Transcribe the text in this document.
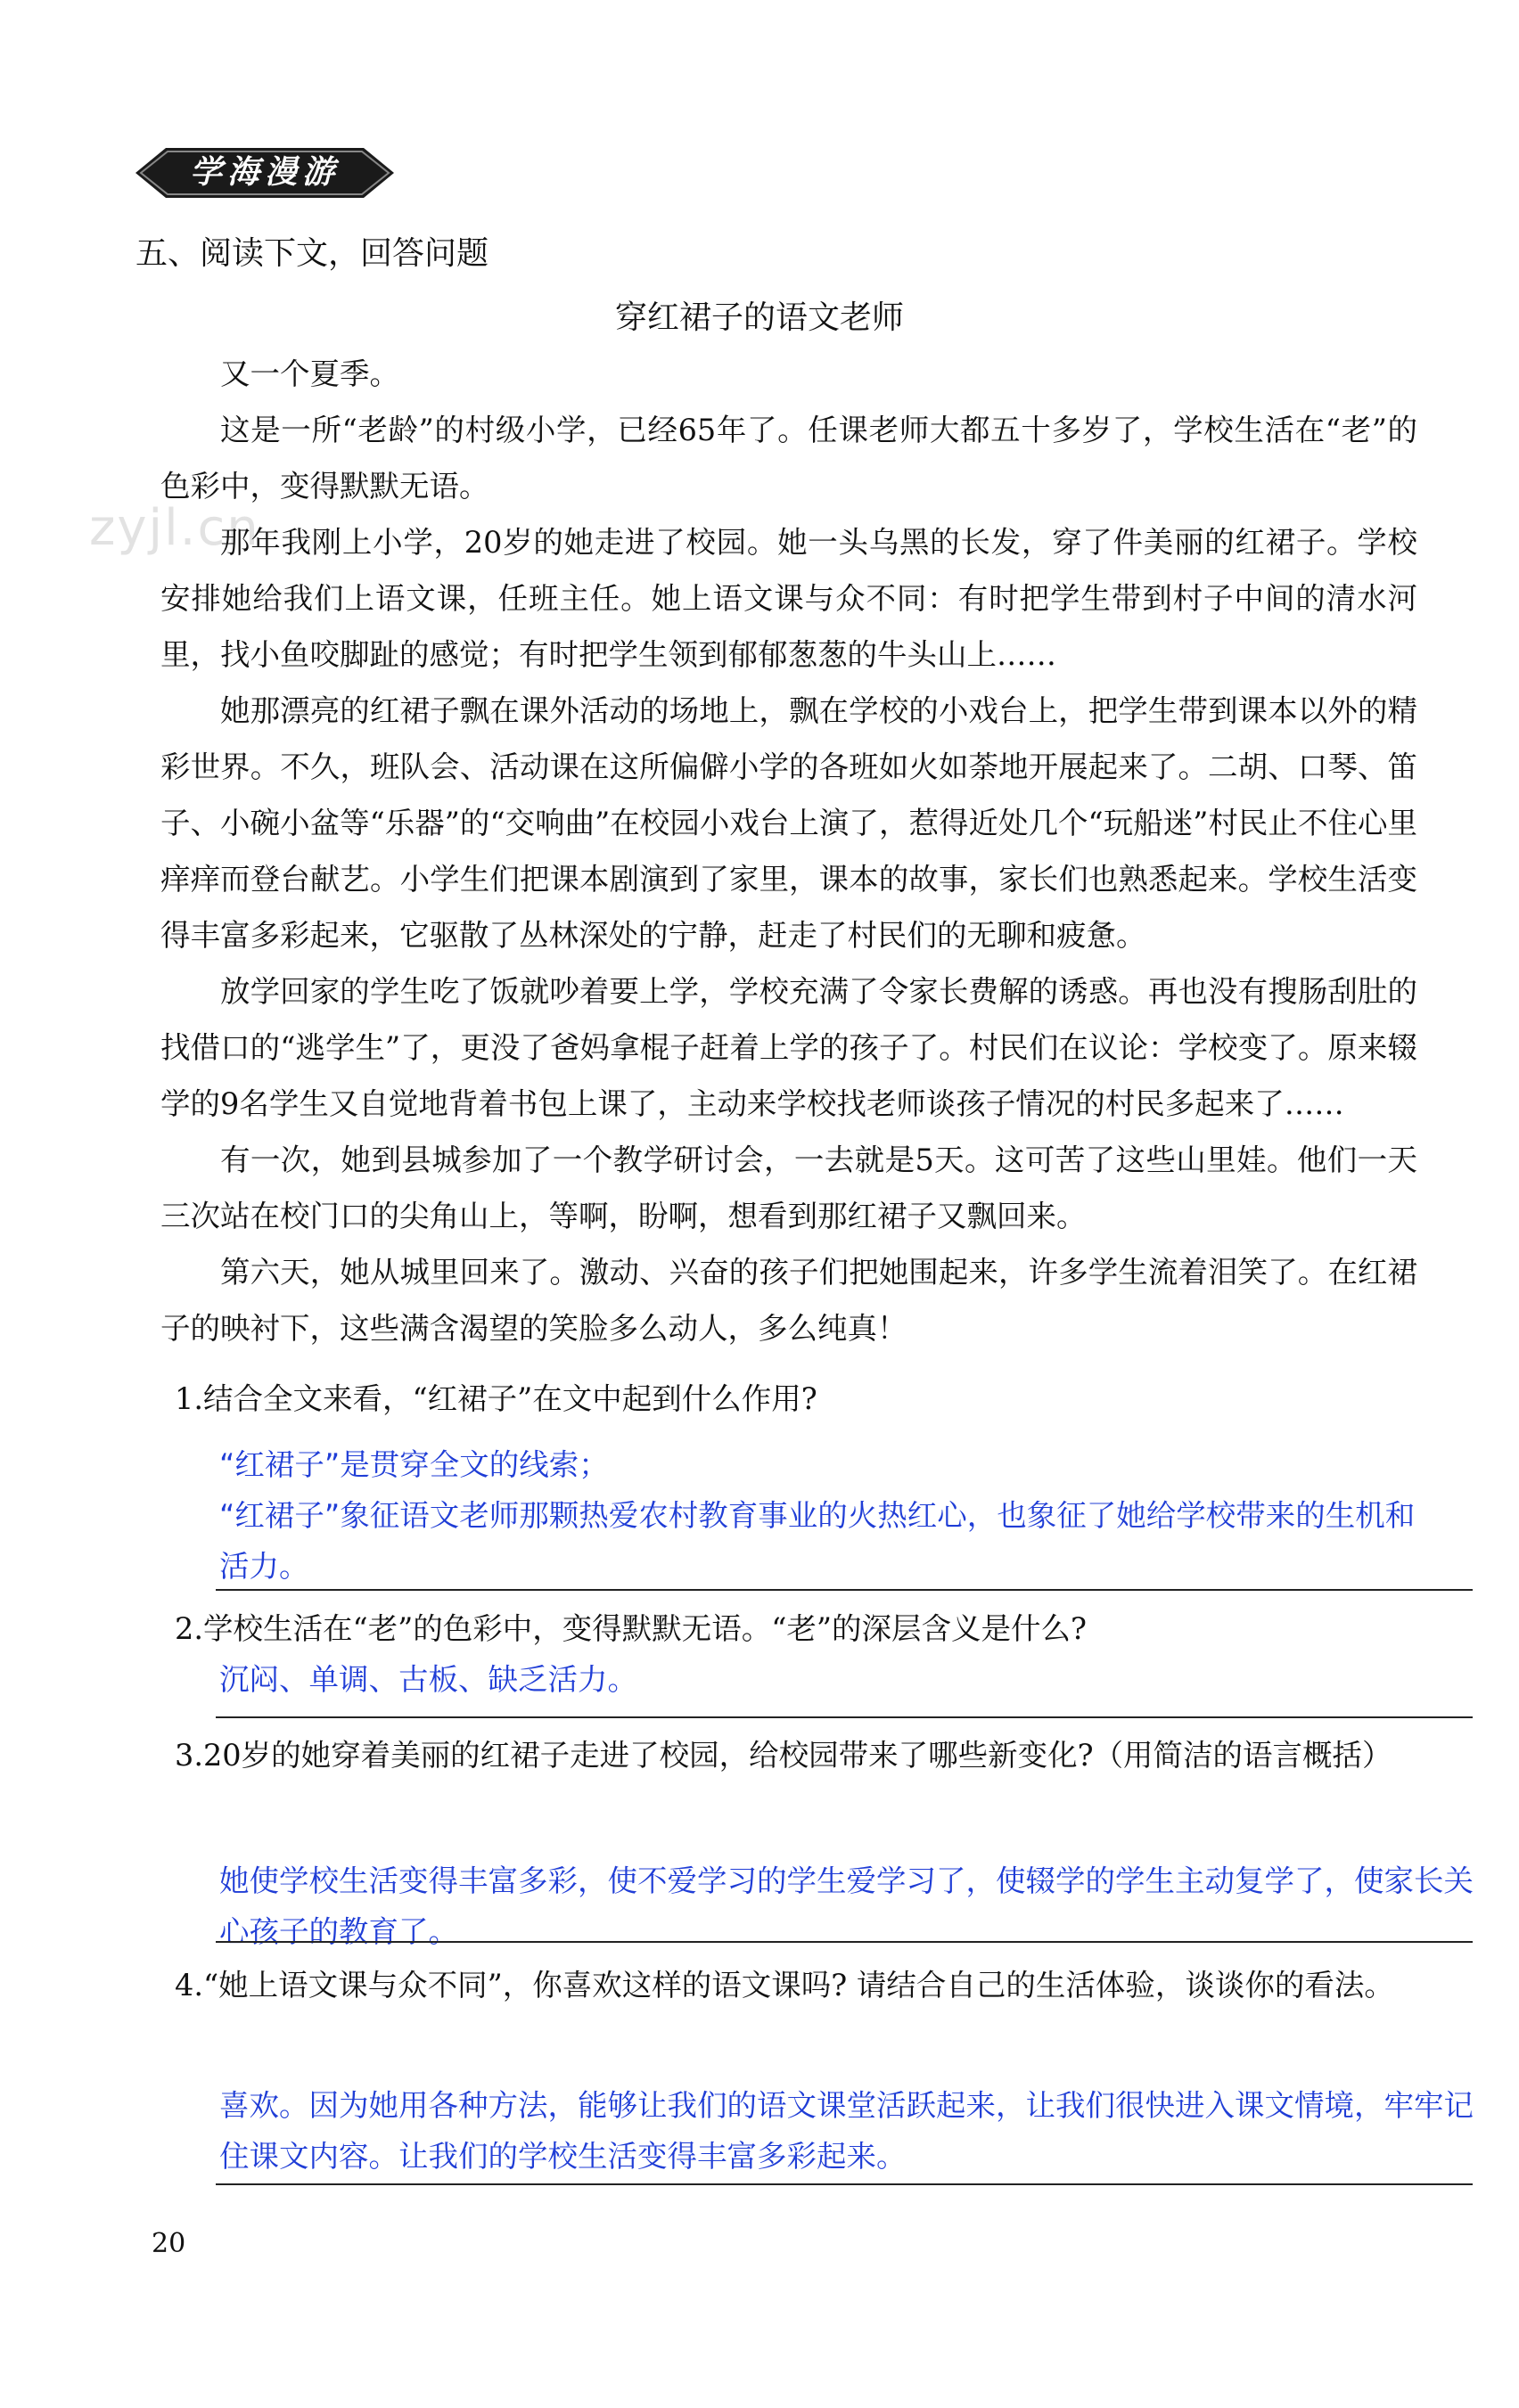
学海漫游
zyjl.cn
五、阅读下文，回答问题
穿红裙子的语文老师

又一个夏季。

这是一所“老龄”的村级小学，已经65年了。任课老师大都五十多岁了，学校生活在“老”的色彩中，变得默默无语。

那年我刚上小学，20岁的她走进了校园。她一头乌黑的长发，穿了件美丽的红裙子。学校安排她给我们上语文课，任班主任。她上语文课与众不同：有时把学生带到村子中间的清水河里，找小鱼咬脚趾的感觉；有时把学生领到郁郁葱葱的牛头山上……

她那漂亮的红裙子飘在课外活动的场地上，飘在学校的小戏台上，把学生带到课本以外的精彩世界。不久，班队会、活动课在这所偏僻小学的各班如火如荼地开展起来了。二胡、口琴、笛子、小碗小盆等“乐器”的“交响曲”在校园小戏台上演了，惹得近处几个“玩船迷”村民止不住心里痒痒而登台献艺。小学生们把课本剧演到了家里，课本的故事，家长们也熟悉起来。学校生活变得丰富多彩起来，它驱散了丛林深处的宁静，赶走了村民们的无聊和疲惫。

放学回家的学生吃了饭就吵着要上学，学校充满了令家长费解的诱惑。再也没有搜肠刮肚的找借口的“逃学生”了，更没了爸妈拿棍子赶着上学的孩子了。村民们在议论：学校变了。原来辍学的9名学生又自觉地背着书包上课了，主动来学校找老师谈孩子情况的村民多起来了……

有一次，她到县城参加了一个教学研讨会，一去就是5天。这可苦了这些山里娃。他们一天三次站在校门口的尖角山上，等啊，盼啊，想看到那红裙子又飘回来。

第六天，她从城里回来了。激动、兴奋的孩子们把她围起来，许多学生流着泪笑了。在红裙子的映衬下，这些满含渴望的笑脸多么动人，多么纯真！

1.结合全文来看，“红裙子”在文中起到什么作用?
“红裙子”是贯穿全文的线索；
“红裙子”象征语文老师那颗热爱农村教育事业的火热红心，也象征了她给学校带来的生机和活力。
2.学校生活在“老”的色彩中，变得默默无语。“老”的深层含义是什么?
沉闷、单调、古板、缺乏活力。
3.20岁的她穿着美丽的红裙子走进了校园，给校园带来了哪些新变化?（用简洁的语言概括）
她使学校生活变得丰富多彩，使不爱学习的学生爱学习了，使辍学的学生主动复学了，使家长关心孩子的教育了。
4.“她上语文课与众不同”，你喜欢这样的语文课吗? 请结合自己的生活体验，谈谈你的看法。
喜欢。因为她用各种方法，能够让我们的语文课堂活跃起来，让我们很快进入课文情境，牢牢记住课文内容。让我们的学校生活变得丰富多彩起来。
20
